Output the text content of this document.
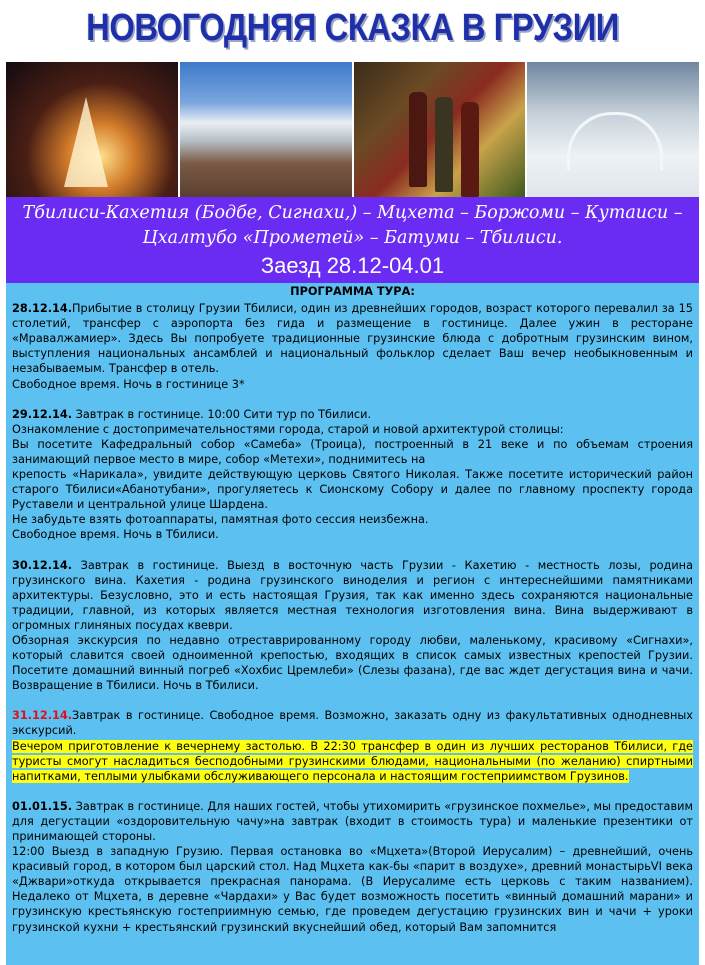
НОВОГОДНЯЯ СКАЗКА В ГРУЗИИ
Тбилиси-Кахетия (Бодбе, Сигнахи,) – Мцхета – Боржоми – Кутаиси – Цхалтубо «Прометей» – Батуми – Тбилиси.
Заезд 28.12-04.01
ПРОГРАММА ТУРА:

28.12.14.Прибытие в столицу Грузии Тбилиси, один из древнейших городов, возраст которого перевалил за 15 столетий, трансфер с аэропорта без гида и размещение в гостинице. Далее ужин в ресторане «Мравалжамиер». Здесь Вы попробуете традиционные грузинские блюда с добротным грузинским вином, выступления национальных ансамблей и национальный фольклор сделает Ваш вечер необыкновенным и незабываемым. Трансфер в отель.

Свободное время. Ночь в гостинице 3*

29.12.14. Завтрак в гостинице. 10:00 Сити тур по Тбилиси.

Ознакомление с достопримечательностями города, старой и новой архитектурой столицы:

Вы посетите Кафедральный собор «Самеба» (Троица), построенный в 21 веке и по объемам строения занимающий первое место в мире, собор «Метехи», поднимитесь на

крепость «Нарикала», увидите действующую церковь Святого Николая. Также посетите исторический район старого Тбилиси«Абанотубани», прогуляетесь к Сионскому Собору и далее по главному проспекту города Руставели и центральной улице Шардена.

Не забудьте взять фотоаппараты, памятная фото сессия неизбежна.

Свободное время. Ночь в Тбилиси.

30.12.14. Завтрак в гостинице. Выезд в восточную часть Грузии - Кахетию - местность лозы, родина грузинского вина. Кахетия - родина грузинского виноделия и регион с интереснейшими памятниками архитектуры. Безусловно, это и есть настоящая Грузия, так как именно здесь сохраняются национальные традиции, главной, из которых является местная технология изготовления вина. Вина выдерживают в огромных глиняных посудах квеври.

Обзорная экскурсия по недавно отреставрированному городу любви, маленькому, красивому «Сигнахи», который славится своей одноименной крепостью, входящих в список самых известных крепостей Грузии. Посетите домашний винный погреб «Хохбис Цремлеби» (Слезы фазана), где вас ждет дегустация вина и чачи. Возвращение в Тбилиси. Ночь в Тбилиси.

31.12.14.Завтрак в гостинице. Свободное время. Возможно, заказать одну из факультативных однодневных экскурсий.

Вечером приготовление к вечернему застолью. В 22:30 трансфер в один из лучших ресторанов Тбилиси, где туристы смогут насладиться бесподобными грузинскими блюдами, национальными (по желанию) спиртными напитками, теплыми улыбками обслуживающего персонала и настоящим гостеприимством Грузинов.

01.01.15. Завтрак в гостинице. Для наших гостей, чтобы утихомирить «грузинское похмелье», мы предоставим для дегустации «оздоровительную чачу»на завтрак (входит в стоимость тура) и маленькие презентики от принимающей стороны.

12:00 Выезд в западную Грузию. Первая остановка во «Мцхета»(Второй Иерусалим) – древнейший, очень красивый город, в котором был царский стол. Над Мцхета как-бы «парит в воздухе», древний монастырьVI века «Джвари»откуда открывается прекрасная панорама. (В Иерусалиме есть церковь с таким названием). Недалеко от Мцхета, в деревне «Чардахи» у Вас будет возможность посетить «винный домашний марани» и грузинскую крестьянскую гостеприимную семью, где проведем дегустацию грузинских вин и чачи + уроки грузинской кухни + крестьянский грузинский вкуснейший обед, который Вам запомнится
